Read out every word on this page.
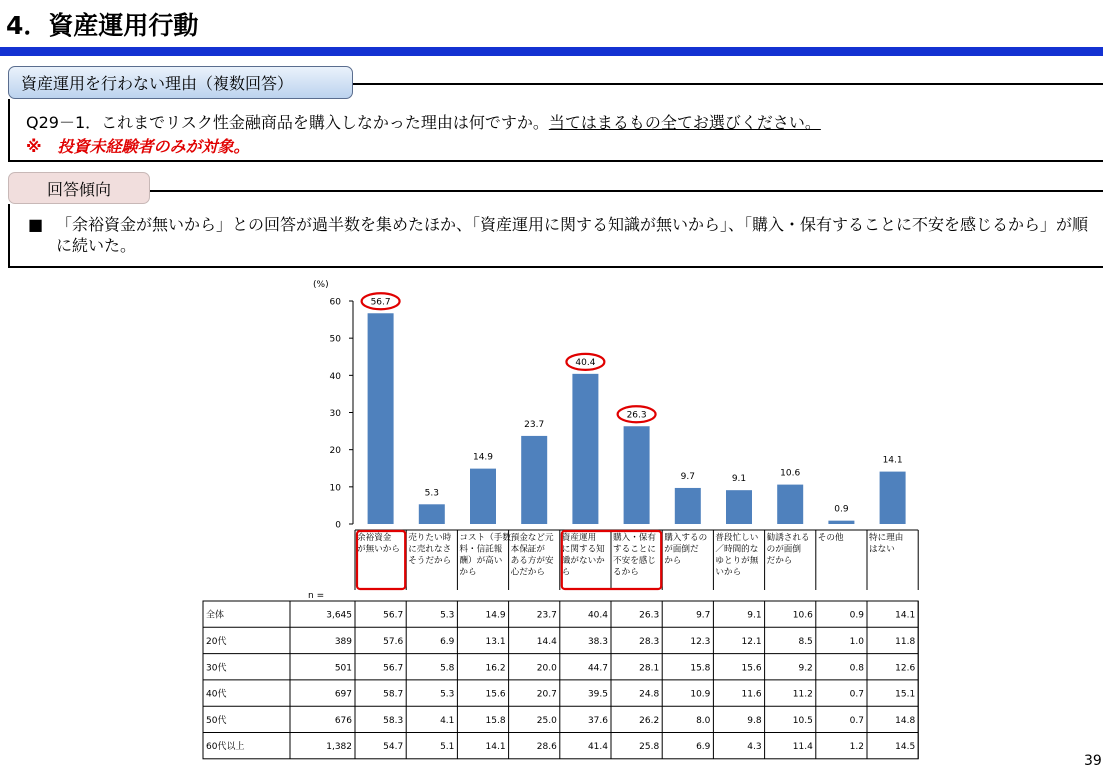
4．資産運用行動
資産運用を行わない理由（複数回答）
Q29－1．これまでリスク性金融商品を購入しなかった理由は何ですか。当てはまるもの全てお選びください。
※　投資未経験者のみが対象。
回答傾向
■ 「余裕資金が無いから」との回答が過半数を集めたほか、「資産運用に関する知識が無いから」、「購入・保有することに不安を感じるから」が順に続いた。
0
10
20
30
40
50
60
(%)
56.7
5.3
14.9
23.7
40.4
26.3
9.7	9.1
10.6
0.9
14.1
余裕資金
が無いから
売りたい時
に売れなさ
そうだから
コスト（手数
料・信託報
酬）が高い
から
預金など元
本保証が
ある方が安
心だから
資産運用
に関する知
識がないか
ら
購入・保有
することに
不安を感じ
るから
購入するの
が面倒だ
から
普段忙しい
／時間的な
ゆとりが無
いから
勧誘される
のが面倒
だから
その他	特に理由
はない
n =
全体	3,645	56.7	5.3	14.9	23.7	40.4	26.3	9.7	9.1	10.6	0.9	14.1
20代	389	57.6	6.9	13.1	14.4	38.3	28.3	12.3	12.1	8.5	1.0	11.8
30代	501	56.7	5.8	16.2	20.0	44.7	28.1	15.8	15.6	9.2	0.8	12.6
40代	697	58.7	5.3	15.6	20.7	39.5	24.8	10.9	11.6	11.2	0.7	15.1
50代	676	58.3	4.1	15.8	25.0	37.6	26.2	8.0	9.8	10.5	0.7	14.8
60代以上	1,382	54.7	5.1	14.1	28.6	41.4	25.8	6.9	4.3	11.4	1.2	14.5
39
